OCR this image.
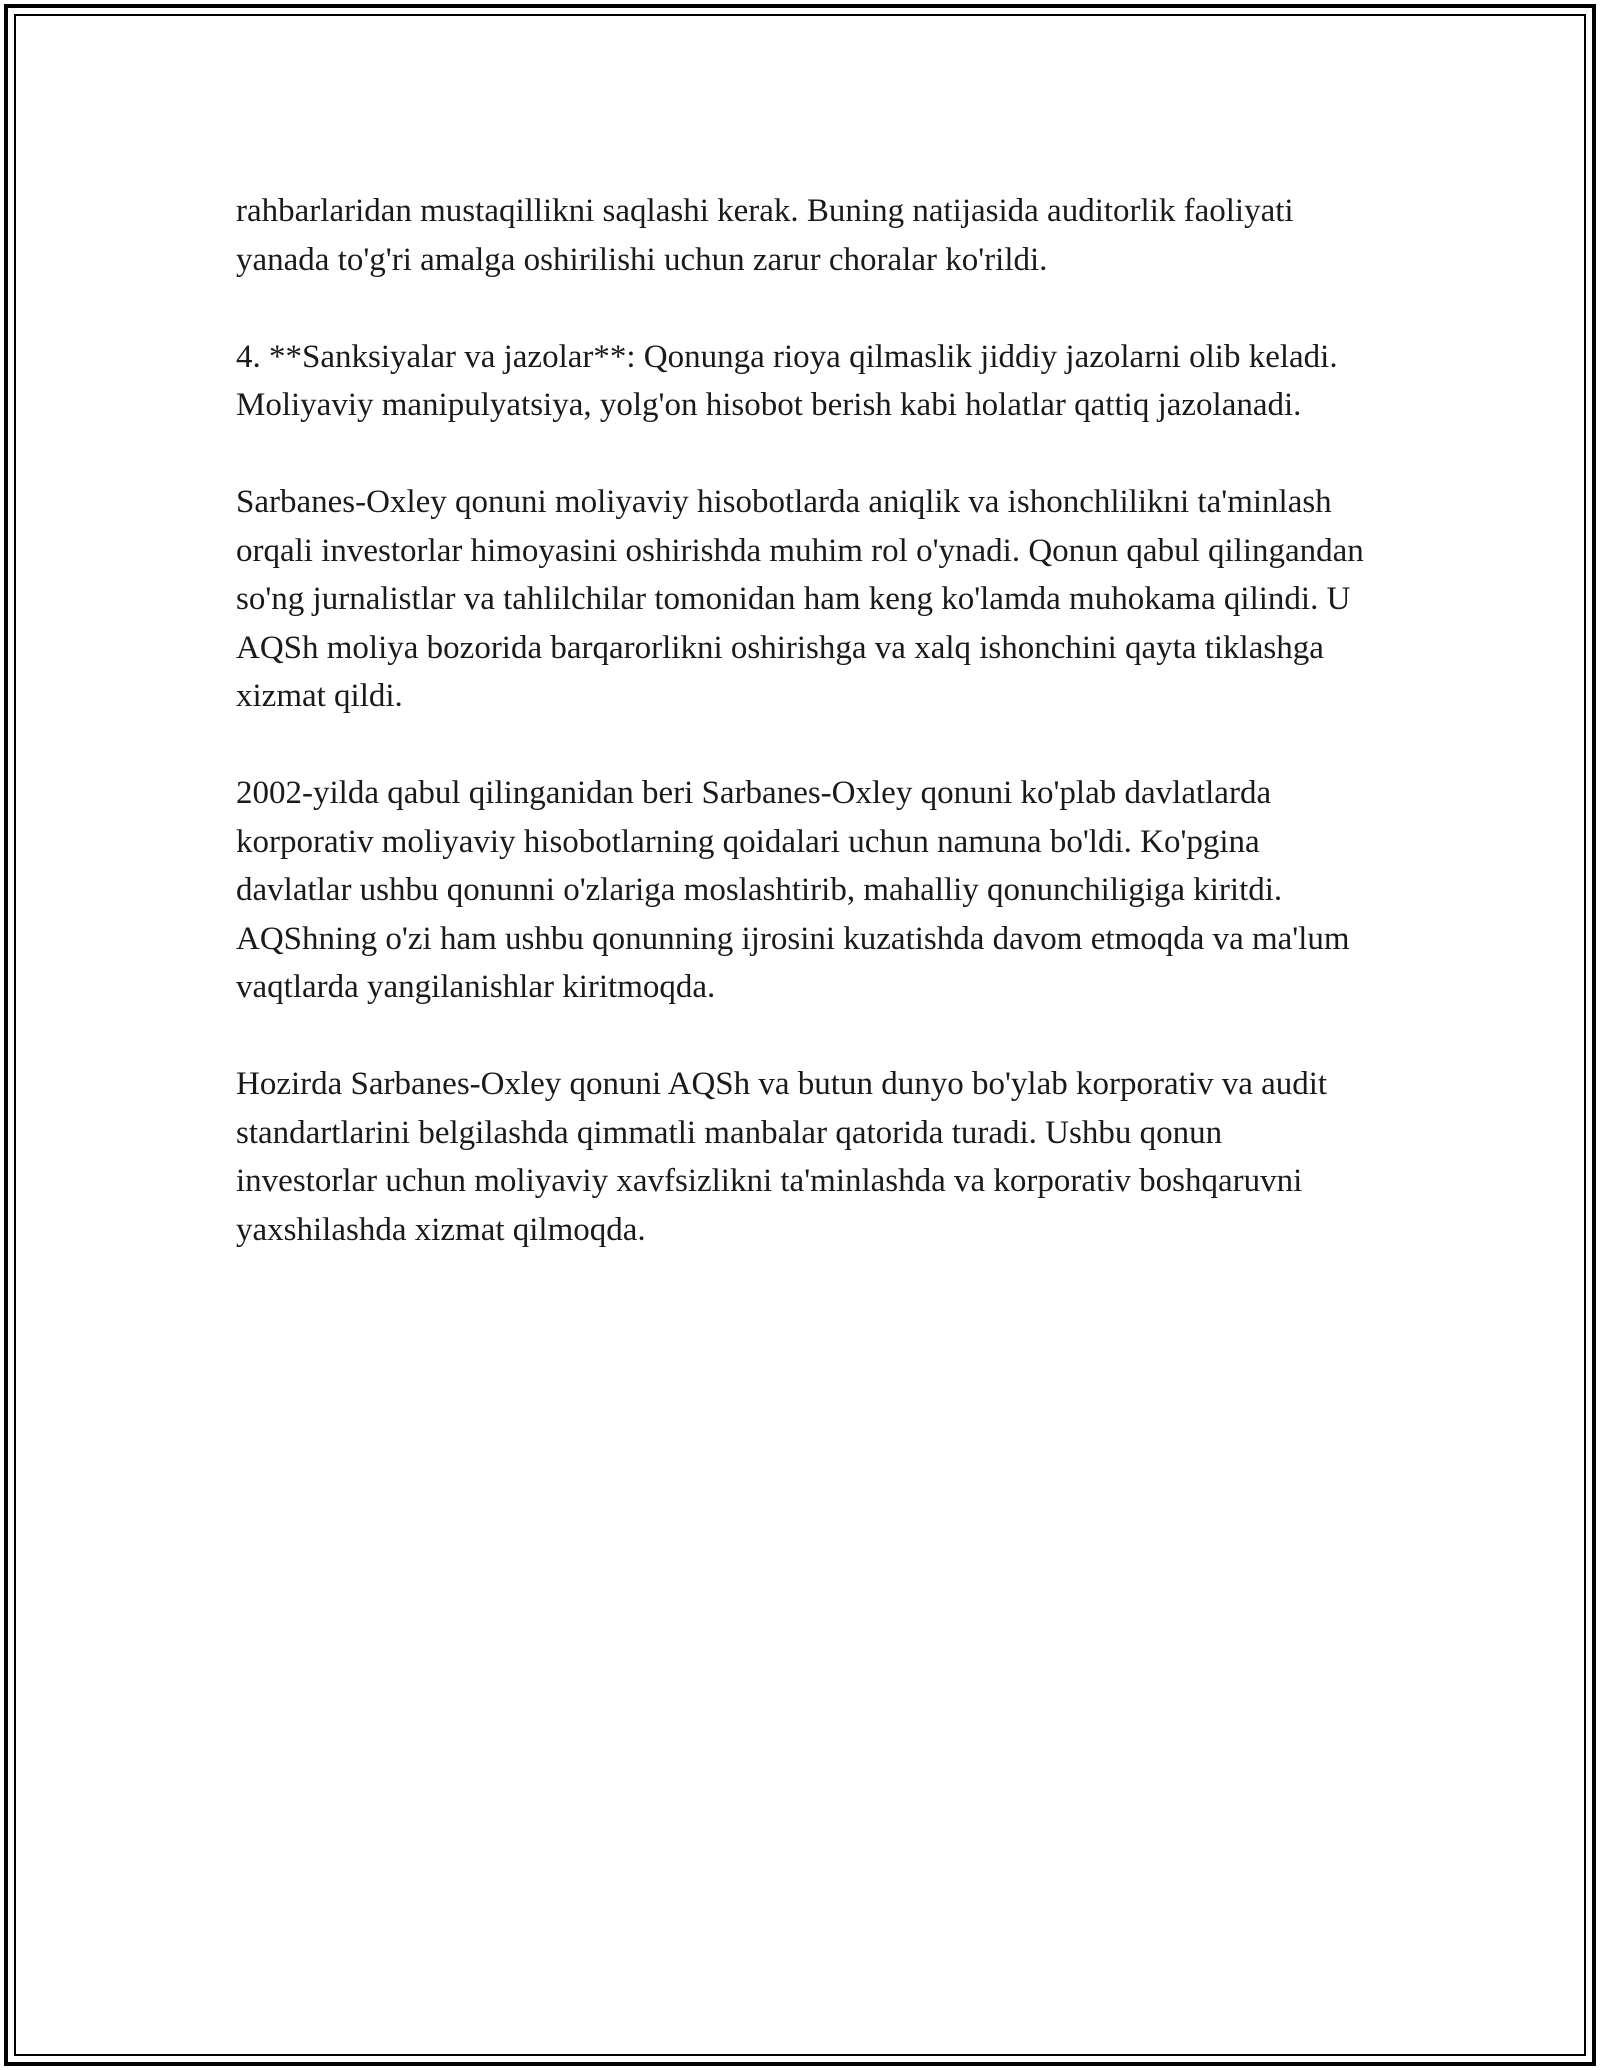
rahbarlaridan mustaqillikni saqlashi kerak. Buning natijasida auditorlik faoliyati yanada to'g'ri amalga oshirilishi uchun zarur choralar ko'rildi.

4. **Sanksiyalar va jazolar**: Qonunga rioya qilmaslik jiddiy jazolarni olib keladi. Moliyaviy manipulyatsiya, yolg'on hisobot berish kabi holatlar qattiq jazolanadi.

Sarbanes-Oxley qonuni moliyaviy hisobotlarda aniqlik va ishonchlilikni ta'minlash orqali investorlar himoyasini oshirishda muhim rol o'ynadi. Qonun qabul qilingandan so'ng jurnalistlar va tahlilchilar tomonidan ham keng ko'lamda muhokama qilindi. U AQSh moliya bozorida barqarorlikni oshirishga va xalq ishonchini qayta tiklashga xizmat qildi.

2002-yilda qabul qilinganidan beri Sarbanes-Oxley qonuni ko'plab davlatlarda korporativ moliyaviy hisobotlarning qoidalari uchun namuna bo'ldi. Ko'pgina davlatlar ushbu qonunni o'zlariga moslashtirib, mahalliy qonunchiligiga kiritdi. AQShning o'zi ham ushbu qonunning ijrosini kuzatishda davom etmoqda va ma'lum vaqtlarda yangilanishlar kiritmoqda.

Hozirda Sarbanes-Oxley qonuni AQSh va butun dunyo bo'ylab korporativ va audit standartlarini belgilashda qimmatli manbalar qatorida turadi. Ushbu qonun investorlar uchun moliyaviy xavfsizlikni ta'minlashda va korporativ boshqaruvni yaxshilashda xizmat qilmoqda.
